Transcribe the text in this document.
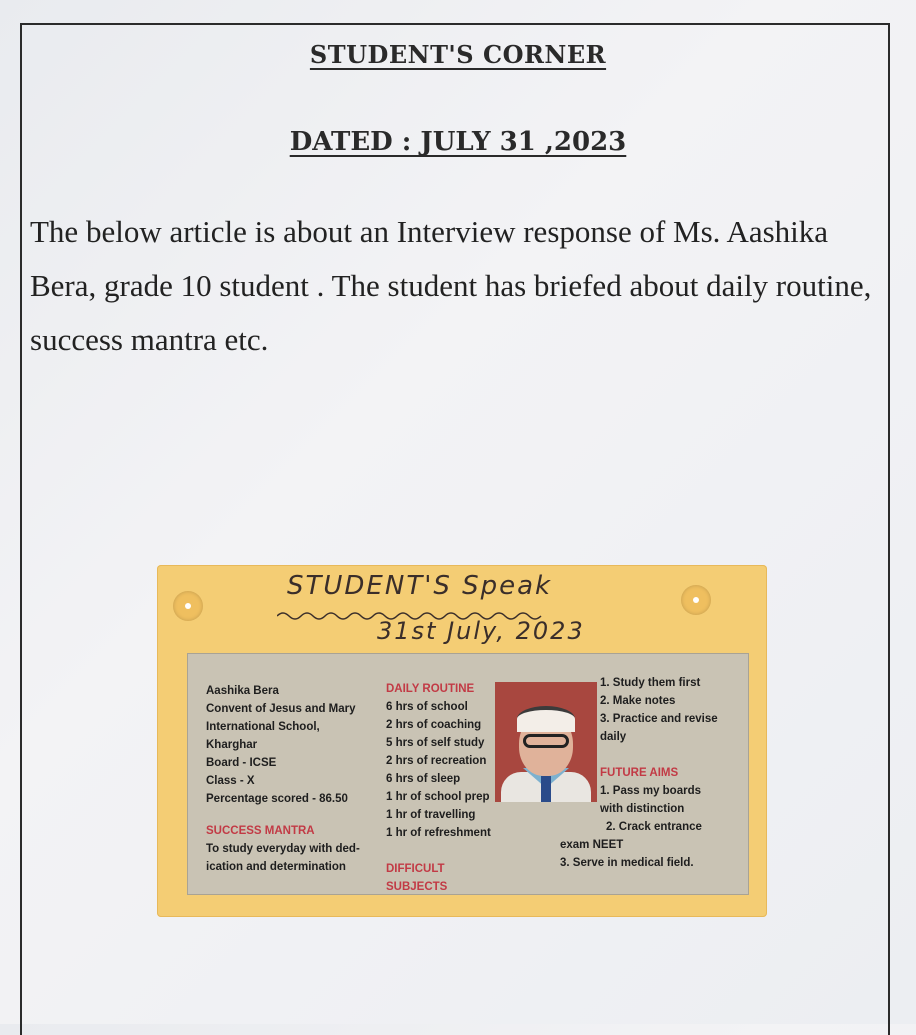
STUDENT'S CORNER
DATED : JULY 31 ,2023
The below article is about an Interview response of Ms. Aashika Bera, grade 10 student . The student has briefed about daily routine, success mantra etc.
STUDENT'S Speak
31st July, 2023
Aashika Bera
Convent of Jesus and Mary
International School,
Kharghar
Board - ICSE
Class - X
Percentage scored - 86.50
SUCCESS MANTRA
To study everyday with ded-
ication and determination
DAILY ROUTINE
6 hrs of school
2 hrs of coaching
5 hrs of self study
2 hrs of recreation
6 hrs of sleep
1 hr of school prep
1 hr of travelling
1 hr of refreshment
DIFFICULT SUBJECTS
1. Study them first
2. Make notes
3. Practice and revise
daily
FUTURE AIMS
1. Pass my boards
with distinction
2. Crack entrance
exam NEET
3. Serve in medical field.
